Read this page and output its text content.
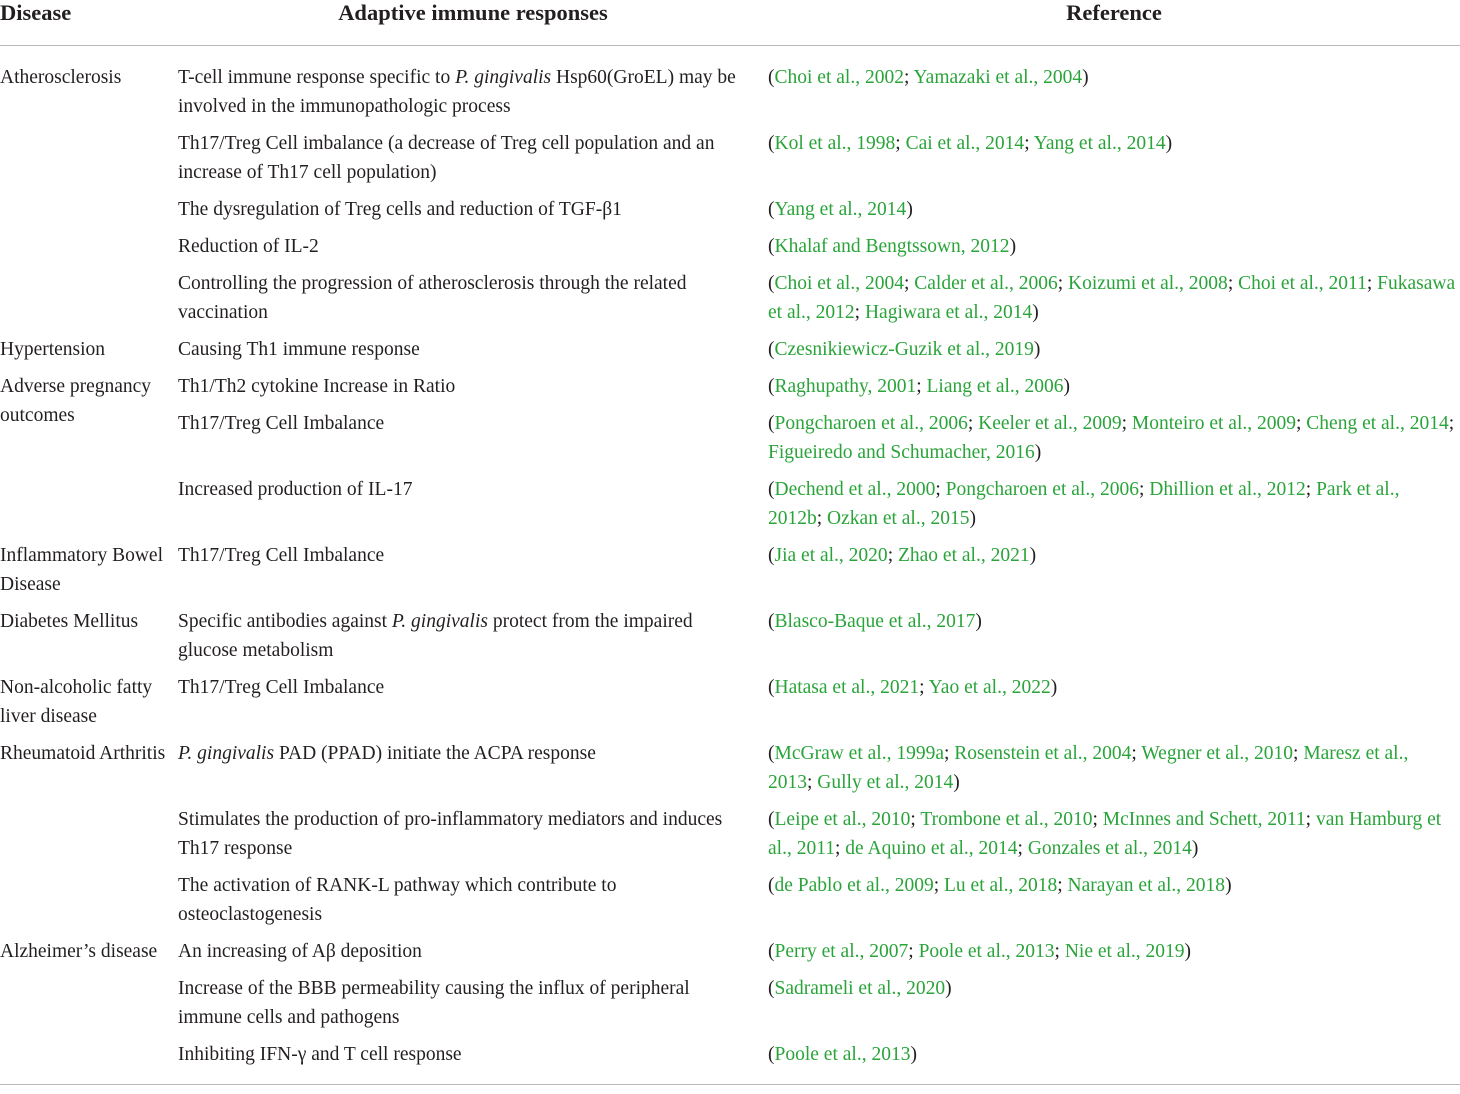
Disease	Adaptive immune responses	Reference
Atherosclerosis	T-cell immune response specific to P. gingivalis Hsp60(GroEL) may be involved in the immunopathologic process	(Choi et al., 2002; Yamazaki et al., 2004)
	Th17/Treg Cell imbalance (a decrease of Treg cell population and an increase of Th17 cell population)	(Kol et al., 1998; Cai et al., 2014; Yang et al., 2014)
	The dysregulation of Treg cells and reduction of TGF-β1	(Yang et al., 2014)
	Reduction of IL-2	(Khalaf and Bengtssown, 2012)
	Controlling the progression of atherosclerosis through the related vaccination	(Choi et al., 2004; Calder et al., 2006; Koizumi et al., 2008; Choi et al., 2011; Fukasawa et al., 2012; Hagiwara et al., 2014)
Hypertension	Causing Th1 immune response	(Czesnikiewicz-Guzik et al., 2019)
Adverse pregnancy outcomes	Th1/Th2 cytokine Increase in Ratio	(Raghupathy, 2001; Liang et al., 2006)
	Th17/Treg Cell Imbalance	(Pongcharoen et al., 2006; Keeler et al., 2009; Monteiro et al., 2009; Cheng et al., 2014; Figueiredo and Schumacher, 2016)
	Increased production of IL-17	(Dechend et al., 2000; Pongcharoen et al., 2006; Dhillion et al., 2012; Park et al., 2012b; Ozkan et al., 2015)
Inflammatory Bowel Disease	Th17/Treg Cell Imbalance	(Jia et al., 2020; Zhao et al., 2021)
Diabetes Mellitus	Specific antibodies against P. gingivalis protect from the impaired glucose metabolism	(Blasco-Baque et al., 2017)
Non-alcoholic fatty liver disease	Th17/Treg Cell Imbalance	(Hatasa et al., 2021; Yao et al., 2022)
Rheumatoid Arthritis	P. gingivalis PAD (PPAD) initiate the ACPA response	(McGraw et al., 1999a; Rosenstein et al., 2004; Wegner et al., 2010; Maresz et al., 2013; Gully et al., 2014)
	Stimulates the production of pro-inflammatory mediators and induces Th17 response	(Leipe et al., 2010; Trombone et al., 2010; McInnes and Schett, 2011; van Hamburg et al., 2011; de Aquino et al., 2014; Gonzales et al., 2014)
	The activation of RANK-L pathway which contribute to osteoclastogenesis	(de Pablo et al., 2009; Lu et al., 2018; Narayan et al., 2018)
Alzheimer’s disease	An increasing of Aβ deposition	(Perry et al., 2007; Poole et al., 2013; Nie et al., 2019)
	Increase of the BBB permeability causing the influx of peripheral immune cells and pathogens	(Sadrameli et al., 2020)
	Inhibiting IFN-γ and T cell response	(Poole et al., 2013)
